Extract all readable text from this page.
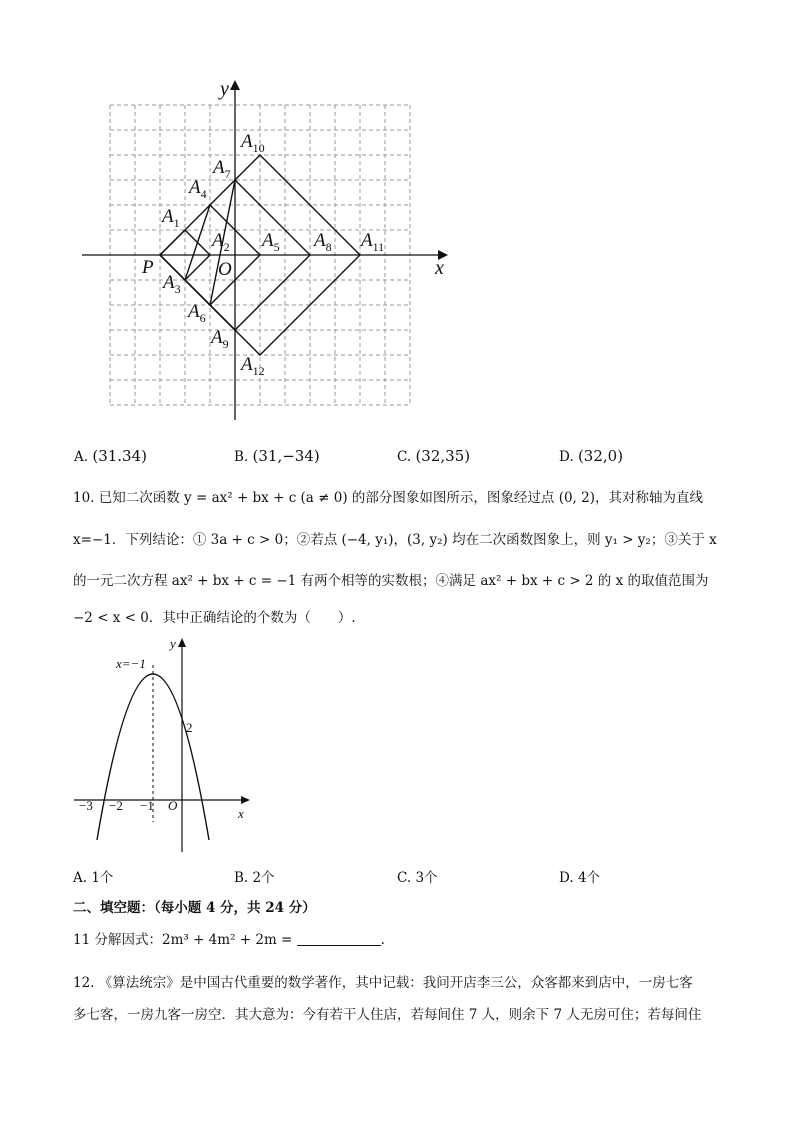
y
x
O
P
$A_1$
$A_2$
$A_3$
$A_4$
$A_5$
$A_6$
$A_7$
$A_8$
$A_9$
$A_{10}$
$A_{11}$
$A_{12}$
A. (31.34)	B. (31,−34)	C. (32,35)	D. (32,0)
10. 已知二次函数 y = ax² + bx + c (a ≠ 0) 的部分图象如图所示，图象经过点 (0, 2)，其对称轴为直线
x=−1．下列结论：① 3a + c > 0；②若点 (−4, y₁)，(3, y₂) 均在二次函数图象上，则 y₁ > y₂；③关于 x
的一元二次方程 ax² + bx + c = −1 有两个相等的实数根；④满足 ax² + bx + c > 2 的 x 的取值范围为
−2 < x < 0．其中正确结论的个数为（　　）.
x=−1
2
x
y
O
−3 −2 −1
A. 1个	B. 2个	C. 3个	D. 4个
二、填空题：（每小题 4 分，共 24 分）
11 分解因式：2m³ + 4m² + 2m =	.
12. 《算法统宗》是中国古代重要的数学著作，其中记载：我问开店李三公，众客都来到店中，一房七客
多七客，一房九客一房空．其大意为：今有若干人住店，若每间住 7 人，则余下 7 人无房可住；若每间住
